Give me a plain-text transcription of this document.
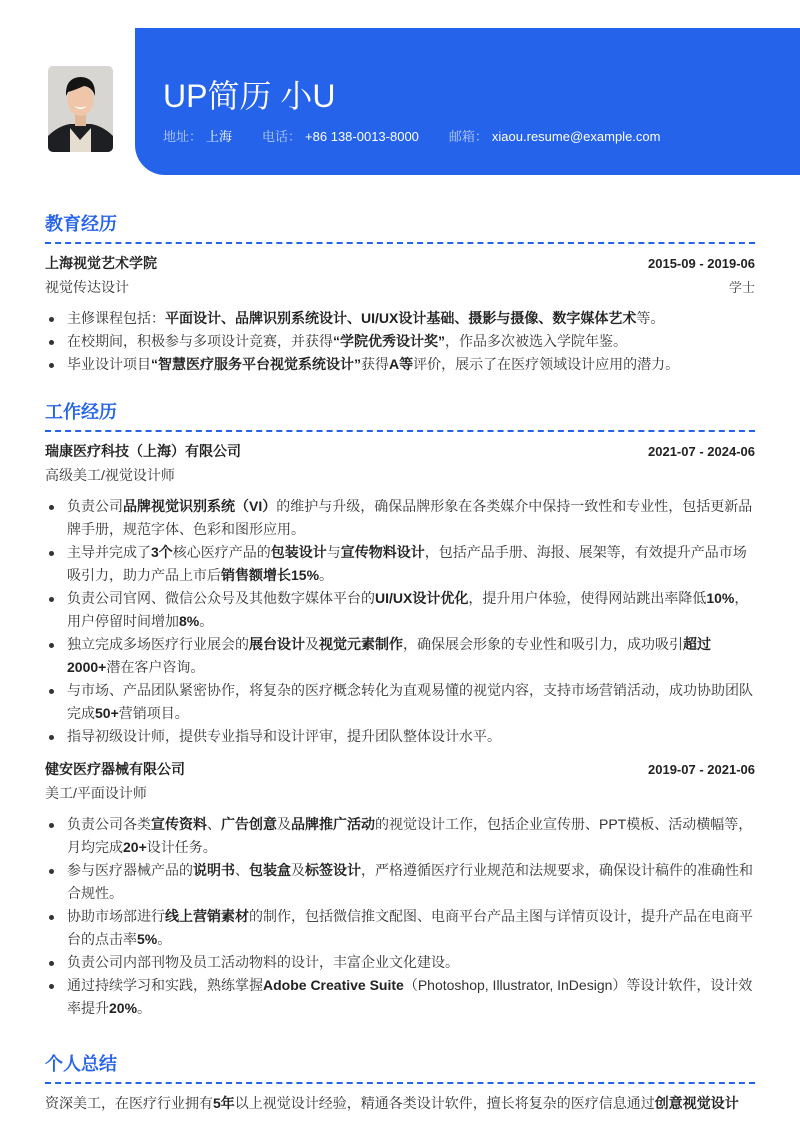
UP简历 小U
地址： 上海 电话： +86 138-0013-8000 邮箱： xiaou.resume@example.com
教育经历
上海视觉艺术学院	2015-09 - 2019-06
视觉传达设计	学士
主修课程包括：平面设计、品牌识别系统设计、UI/UX设计基础、摄影与摄像、数字媒体艺术等。
在校期间，积极参与多项设计竞赛，并获得“学院优秀设计奖”，作品多次被选入学院年鉴。
毕业设计项目“智慧医疗服务平台视觉系统设计”获得A等评价，展示了在医疗领域设计应用的潜力。
工作经历
瑞康医疗科技（上海）有限公司	2021-07 - 2024-06
高级美工/视觉设计师
负责公司品牌视觉识别系统（VI）的维护与升级，确保品牌形象在各类媒介中保持一致性和专业性，包括更新品牌手册，规范字体、色彩和图形应用。
主导并完成了3个核心医疗产品的包装设计与宣传物料设计，包括产品手册、海报、展架等，有效提升产品市场吸引力，助力产品上市后销售额增长15%。
负责公司官网、微信公众号及其他数字媒体平台的UI/UX设计优化，提升用户体验，使得网站跳出率降低10%，用户停留时间增加8%。
独立完成多场医疗行业展会的展台设计及视觉元素制作，确保展会形象的专业性和吸引力，成功吸引超过2000+潜在客户咨询。
与市场、产品团队紧密协作，将复杂的医疗概念转化为直观易懂的视觉内容，支持市场营销活动，成功协助团队完成50+营销项目。
指导初级设计师，提供专业指导和设计评审，提升团队整体设计水平。
健安医疗器械有限公司	2019-07 - 2021-06
美工/平面设计师
负责公司各类宣传资料、广告创意及品牌推广活动的视觉设计工作，包括企业宣传册、PPT模板、活动横幅等，月均完成20+设计任务。
参与医疗器械产品的说明书、包装盒及标签设计，严格遵循医疗行业规范和法规要求，确保设计稿件的准确性和合规性。
协助市场部进行线上营销素材的制作，包括微信推文配图、电商平台产品主图与详情页设计，提升产品在电商平台的点击率5%。
负责公司内部刊物及员工活动物料的设计，丰富企业文化建设。
通过持续学习和实践，熟练掌握Adobe Creative Suite（Photoshop, Illustrator, InDesign）等设计软件，设计效率提升20%。
个人总结
资深美工，在医疗行业拥有5年以上视觉设计经验，精通各类设计软件，擅长将复杂的医疗信息通过创意视觉设计
